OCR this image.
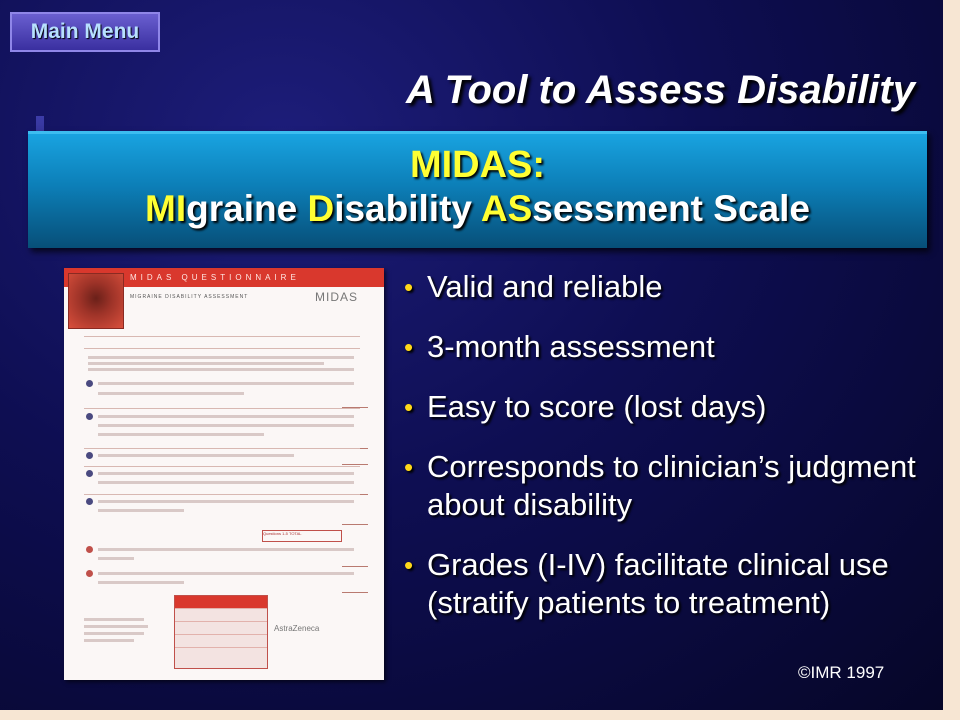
Main Menu
A Tool to Assess Disability
MIDAS:
MIgraine Disability ASsessment Scale
MIDAS QUESTIONNAIRE
MIGRAINE DISABILITY ASSESSMENT	MIDAS
Questions 1-5 TOTAL
AstraZeneca
• Valid and reliable
• 3-month assessment
• Easy to score (lost days)
• Corresponds to clinician’s judgment about disability
• Grades (I-IV) facilitate clinical use (stratify patients to treatment)
©IMR 1997
